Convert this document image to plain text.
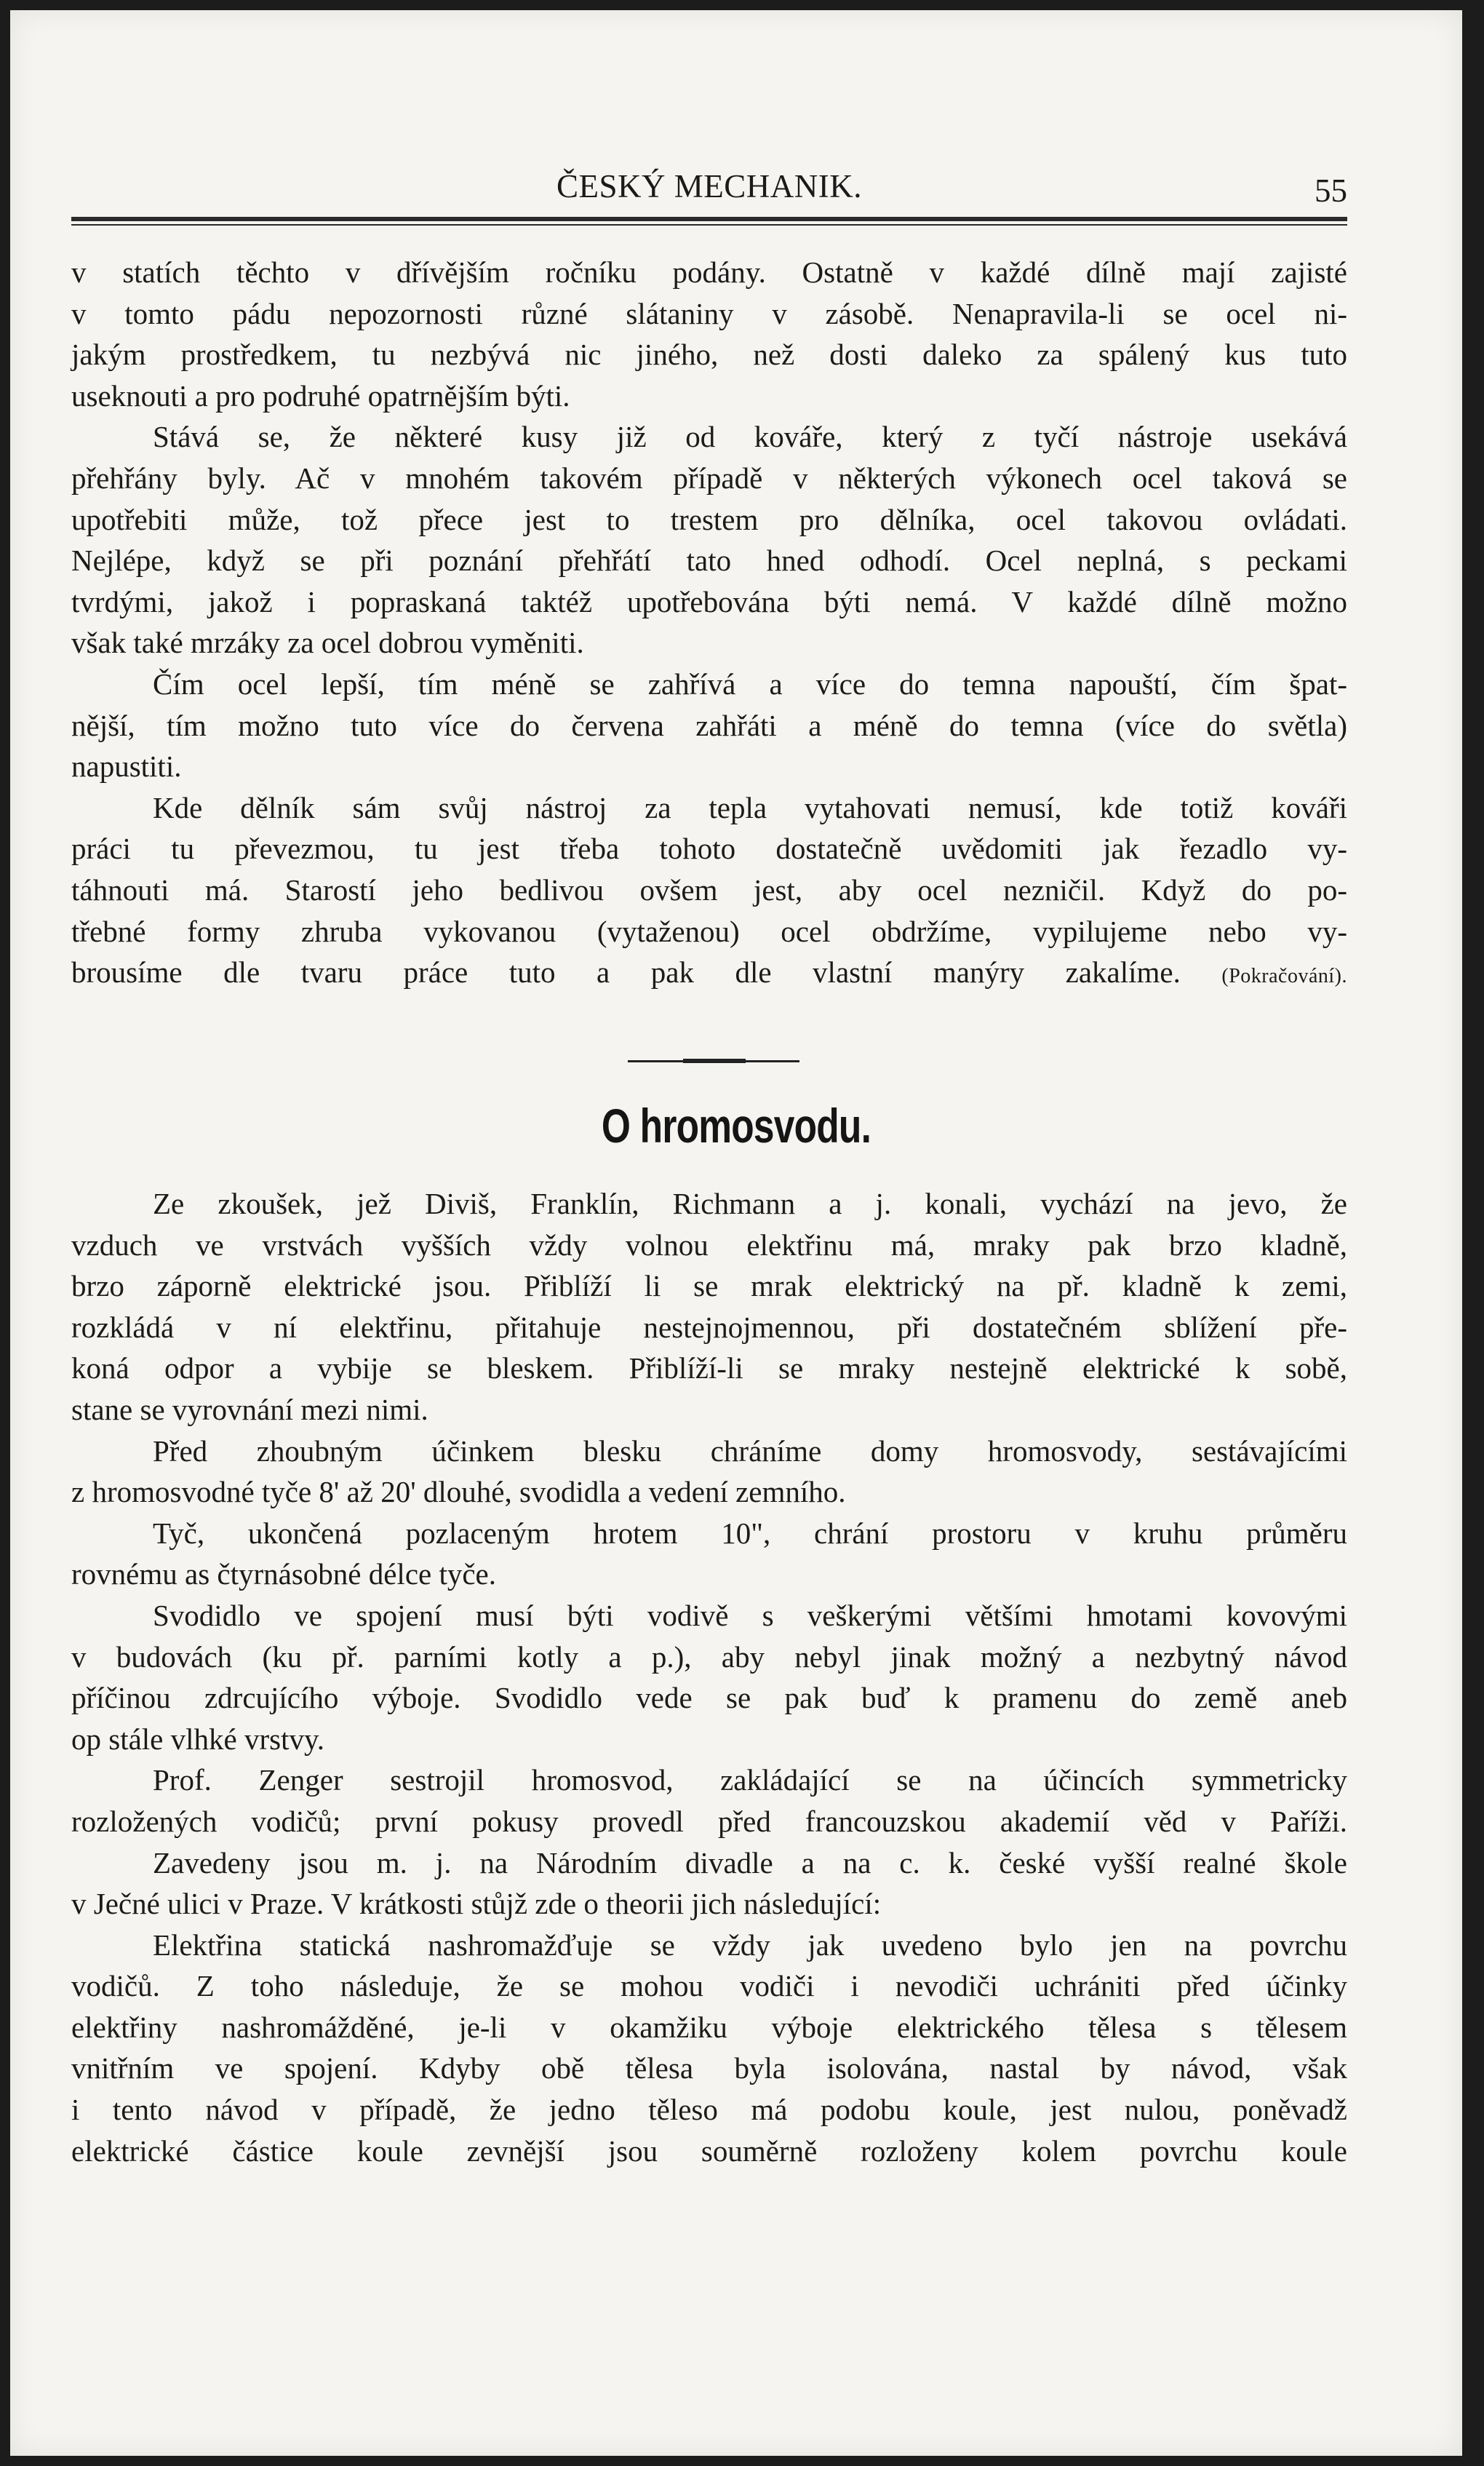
ČESKÝ MECHANIK.	55
v statích těchto v dřívějším ročníku podány. Ostatně v každé dílně mají zajisté
v tomto pádu nepozornosti různé slátaniny v zásobě. Nenapravila-li se ocel ni-
jakým prostředkem, tu nezbývá nic jiného, než dosti daleko za spálený kus tuto
useknouti a pro podruhé opatrnějším býti.
Stává se, že některé kusy již od kováře, který z tyčí nástroje usekává
přehřány byly. Ač v mnohém takovém případě v některých výkonech ocel taková se
upotřebiti může, tož přece jest to trestem pro dělníka, ocel takovou ovládati.
Nejlépe, když se při poznání přehřátí tato hned odhodí. Ocel neplná, s peckami
tvrdými, jakož i popraskaná taktéž upotřebována býti nemá. V každé dílně možno
však také mrzáky za ocel dobrou vyměniti.
Čím ocel lepší, tím méně se zahřívá a více do temna napouští, čím špat-
nější, tím možno tuto více do červena zahřáti a méně do temna (více do světla)
napustiti.
Kde dělník sám svůj nástroj za tepla vytahovati nemusí, kde totiž kováři
práci tu převezmou, tu jest třeba tohoto dostatečně uvědomiti jak řezadlo vy-
táhnouti má. Starostí jeho bedlivou ovšem jest, aby ocel nezničil. Když do po-
třebné formy zhruba vykovanou (vytaženou) ocel obdržíme, vypilujeme nebo vy-
brousíme dle tvaru práce tuto a pak dle vlastní manýry zakalíme. (Pokračování).
O hromosvodu.
Ze zkoušek, jež Diviš, Franklín, Richmann a j. konali, vychází na jevo, že
vzduch ve vrstvách vyšších vždy volnou elektřinu má, mraky pak brzo kladně,
brzo záporně elektrické jsou. Přiblíží li se mrak elektrický na př. kladně k zemi,
rozkládá v ní elektřinu, přitahuje nestejnojmennou, při dostatečném sblížení pře-
koná odpor a vybije se bleskem. Přiblíží-li se mraky nestejně elektrické k sobě,
stane se vyrovnání mezi nimi.
Před zhoubným účinkem blesku chráníme domy hromosvody, sestávajícími
z hromosvodné tyče 8' až 20' dlouhé, svodidla a vedení zemního.
Tyč, ukončená pozlaceným hrotem 10", chrání prostoru v kruhu průměru
rovnému as čtyrnásobné délce tyče.
Svodidlo ve spojení musí býti vodivě s veškerými většími hmotami kovovými
v budovách (ku př. parními kotly a p.), aby nebyl jinak možný a nezbytný návod
příčinou zdrcujícího výboje. Svodidlo vede se pak buď k pramenu do země aneb
op stále vlhké vrstvy.
Prof. Zenger sestrojil hromosvod, zakládající se na účincích symmetricky
rozložených vodičů; první pokusy provedl před francouzskou akademií věd v Paříži.
Zavedeny jsou m. j. na Národním divadle a na c. k. české vyšší realné škole
v Ječné ulici v Praze. V krátkosti stůjž zde o theorii jich následující:
Elektřina statická nashromažďuje se vždy jak uvedeno bylo jen na povrchu
vodičů. Z toho následuje, že se mohou vodiči i nevodiči uchrániti před účinky
elektřiny nashromážděné, je-li v okamžiku výboje elektrického tělesa s tělesem
vnitřním ve spojení. Kdyby obě tělesa byla isolována, nastal by návod, však
i tento návod v případě, že jedno těleso má podobu koule, jest nulou, poněvadž
elektrické částice koule zevnější jsou souměrně rozloženy kolem povrchu koule
